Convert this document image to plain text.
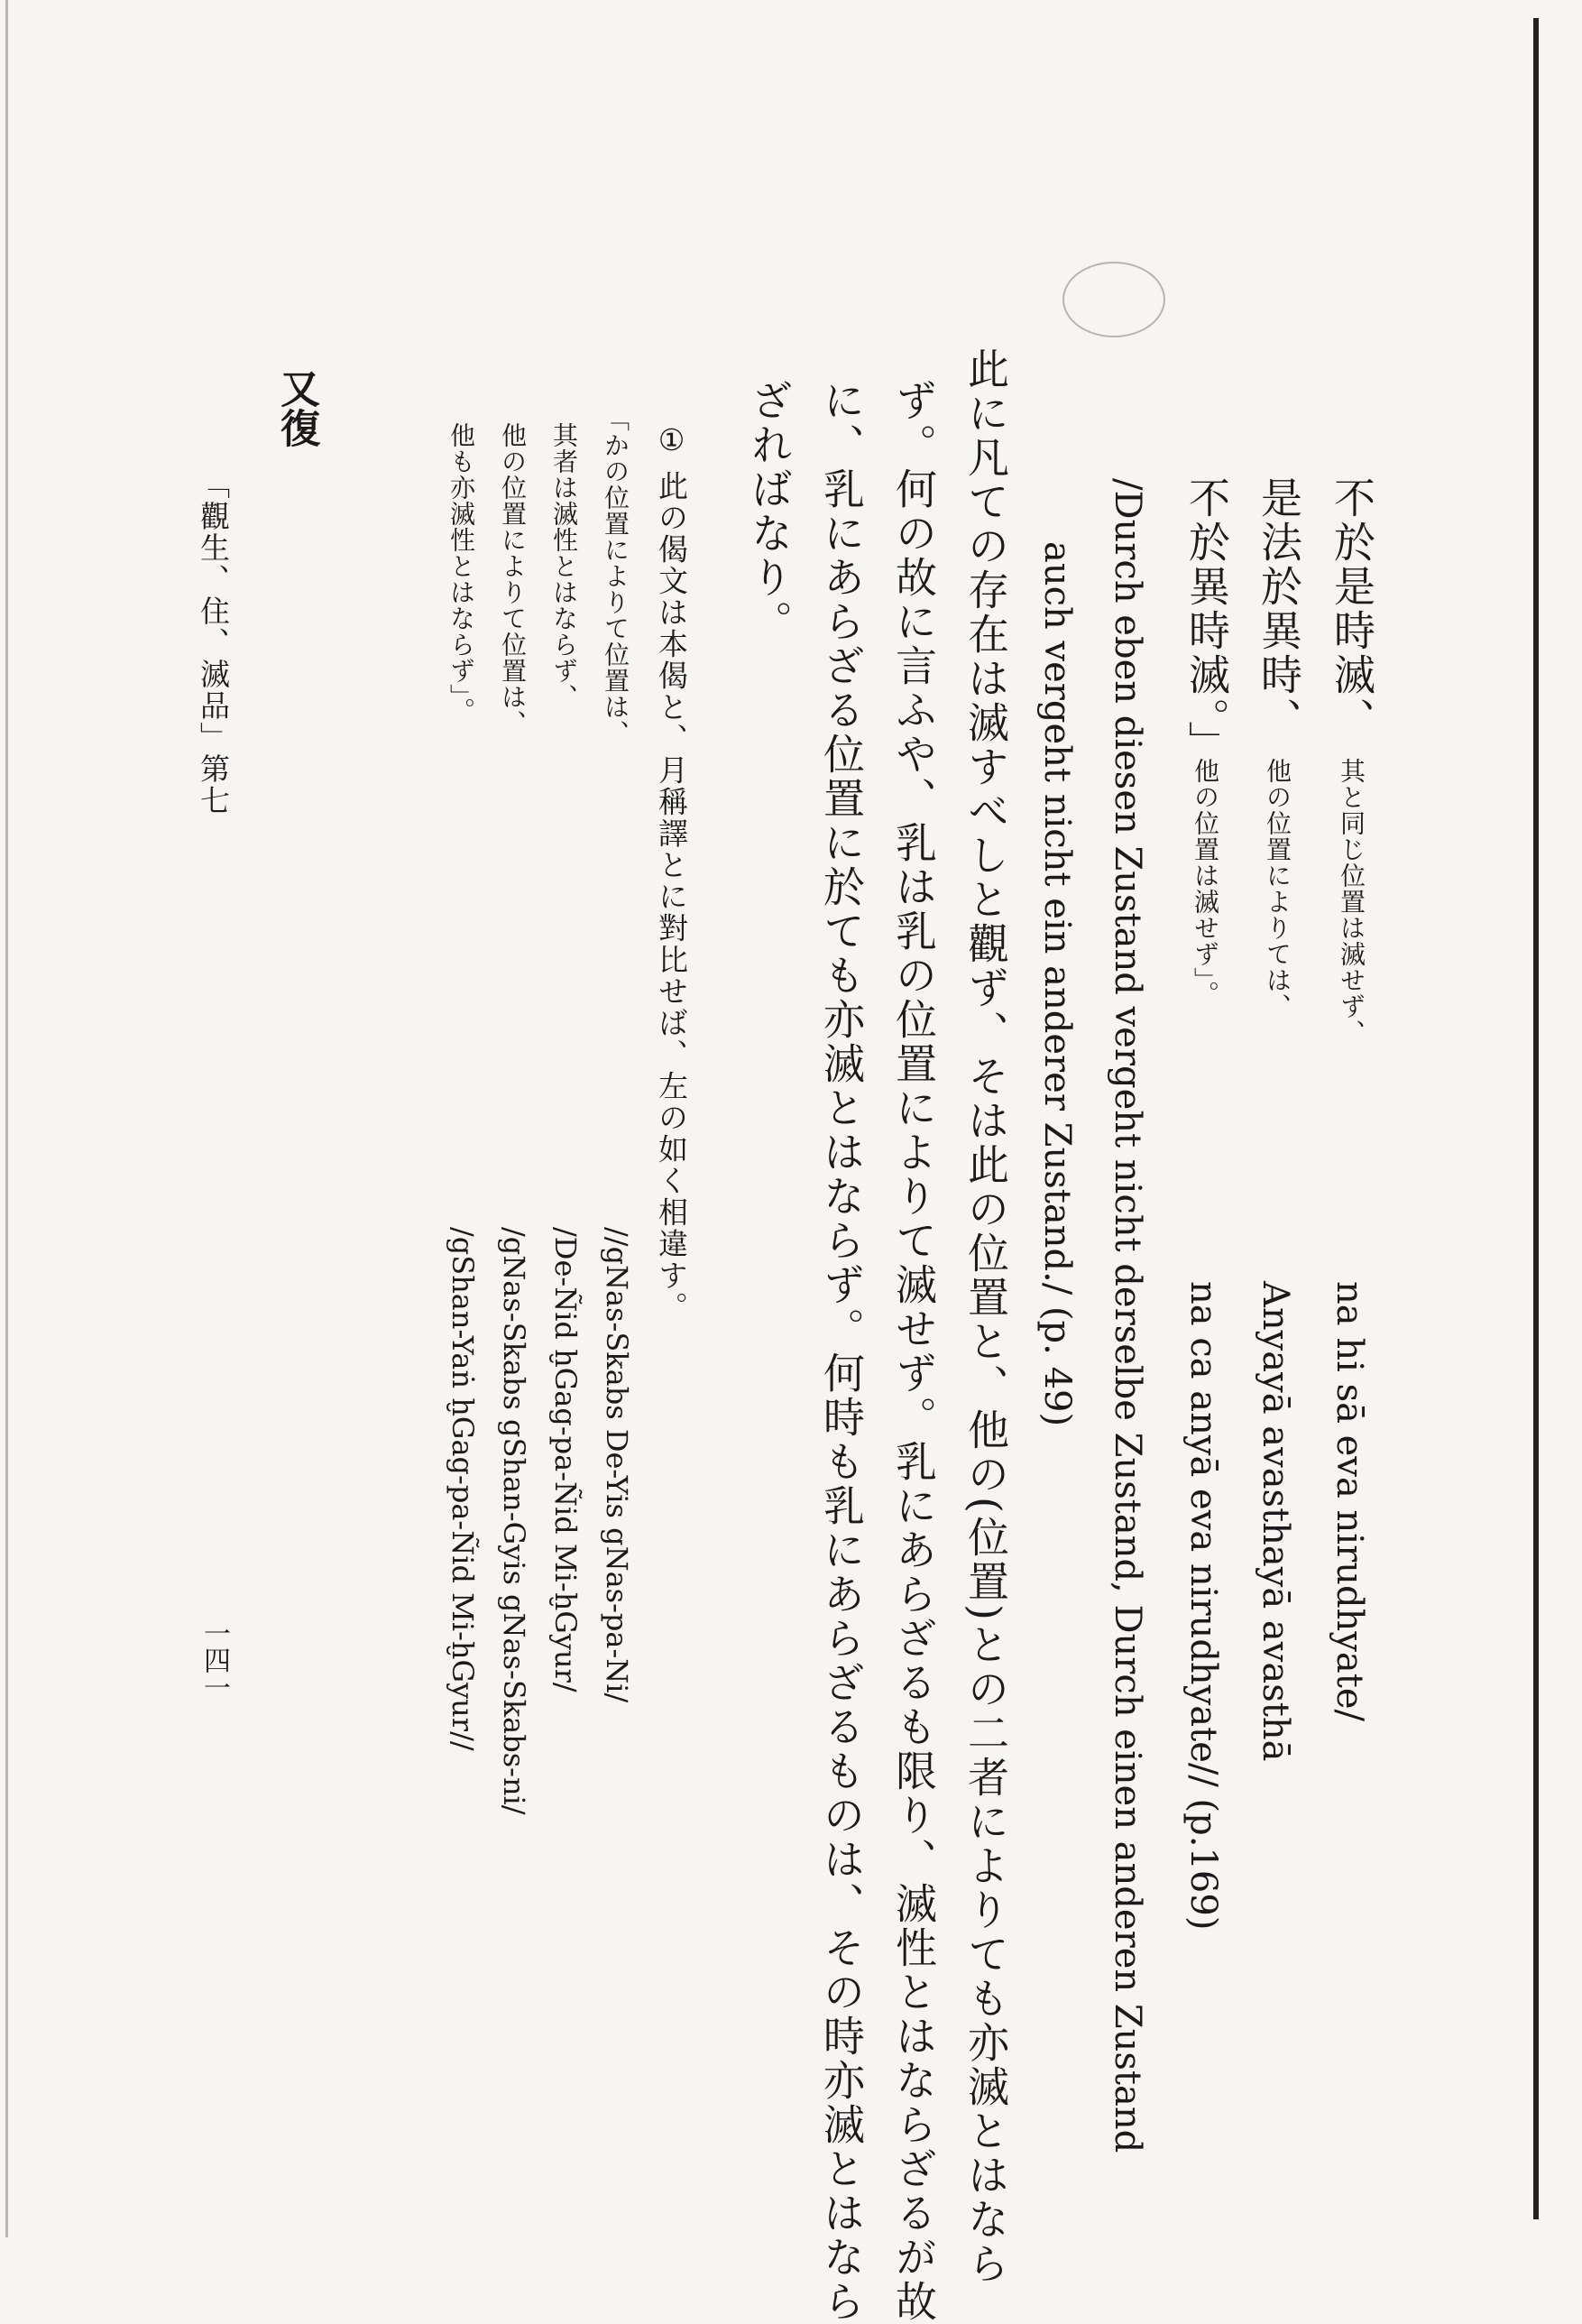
不於是時滅、
其と同じ位置は滅せず、
na hi sā eva nirudhyate/
是法於異時、
他の位置によりては、
Anyayā avasthayā avasthā
不於異時滅。」
他の位置は滅せず」。
na ca anyā eva nirudhyate// (p.169)
/Durch eben diesen Zustand vergeht nicht derselbe Zustand, Durch einen anderen Zustand
auch vergeht nicht ein anderer Zustand./ (p. 49)
此に凡ての存在は滅すべしと觀ず、そは此の位置と、他の(位置)との二者によりても亦滅とはなら
ず。何の故に言ふや、乳は乳の位置によりて滅せず。乳にあらざるも限り、滅性とはならざるが故
に、乳にあらざる位置に於ても亦滅とはならず。何時も乳にあらざるものは、その時亦滅とはなら
ざればなり。
① 此の偈文は本偈と、月稱譯とに對比せば、左の如く相違す。
「かの位置によりて位置は、
//gNas-Skabs De-Yis gNas-pa-Ni/
其者は滅性とはならず、
/De-Ñid ḫGag-pa-Ñid Mi-ḫGyur/
他の位置によりて位置は、
/gNas-Skabs gShan-Gyis gNas-Skabs-ni/
他も亦滅性とはならず」。
/gShan-Yaṅ ḫGag-pa-Ñid Mi-ḫGyur//
又復
「觀生、住、滅品」第七
一四一
